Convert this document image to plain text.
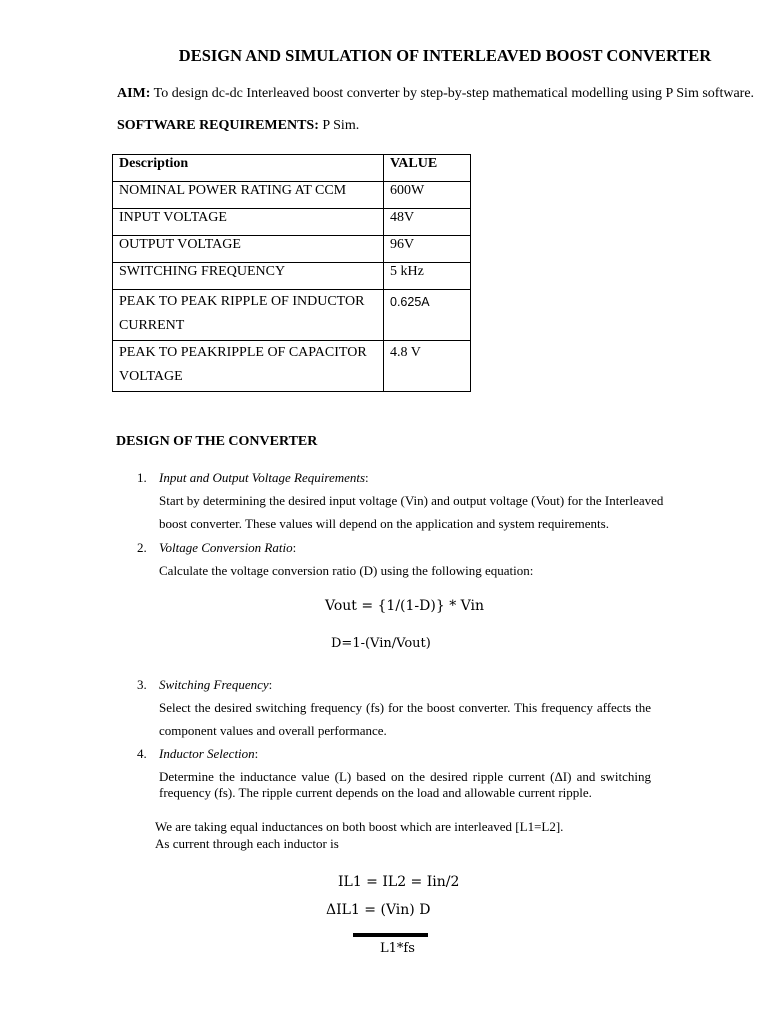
DESIGN AND SIMULATION OF INTERLEAVED BOOST CONVERTER
AIM: To design dc-dc Interleaved boost converter by step-by-step mathematical modelling using P Sim software.
SOFTWARE REQUIREMENTS: P Sim.
Description	VALUE
NOMINAL POWER RATING AT CCM	600W
INPUT VOLTAGE	48V
OUTPUT VOLTAGE	96V
SWITCHING FREQUENCY	5 kHz
PEAK TO PEAK RIPPLE OF INDUCTOR CURRENT	0.625A
PEAK TO PEAKRIPPLE OF CAPACITOR VOLTAGE	4.8 V
DESIGN OF THE CONVERTER
1. Input and Output Voltage Requirements:
Start by determining the desired input voltage (Vin) and output voltage (Vout) for the Interleaved
boost converter. These values will depend on the application and system requirements.
2. Voltage Conversion Ratio:
Calculate the voltage conversion ratio (D) using the following equation:
Vout = {1/(1-D)} * Vin
D=1-(Vin/Vout)
3. Switching Frequency:
Select the desired switching frequency (fs) for the boost converter. This frequency affects the
component values and overall performance.
4. Inductor Selection:
Determine the inductance value (L) based on the desired ripple current (ΔI) and switching
frequency (fs). The ripple current depends on the load and allowable current ripple.
We are taking equal inductances on both boost which are interleaved [L1=L2].
As current through each inductor is
IL1 = IL2 = Iin/2
ΔIL1 = (Vin) D
L1*fs
